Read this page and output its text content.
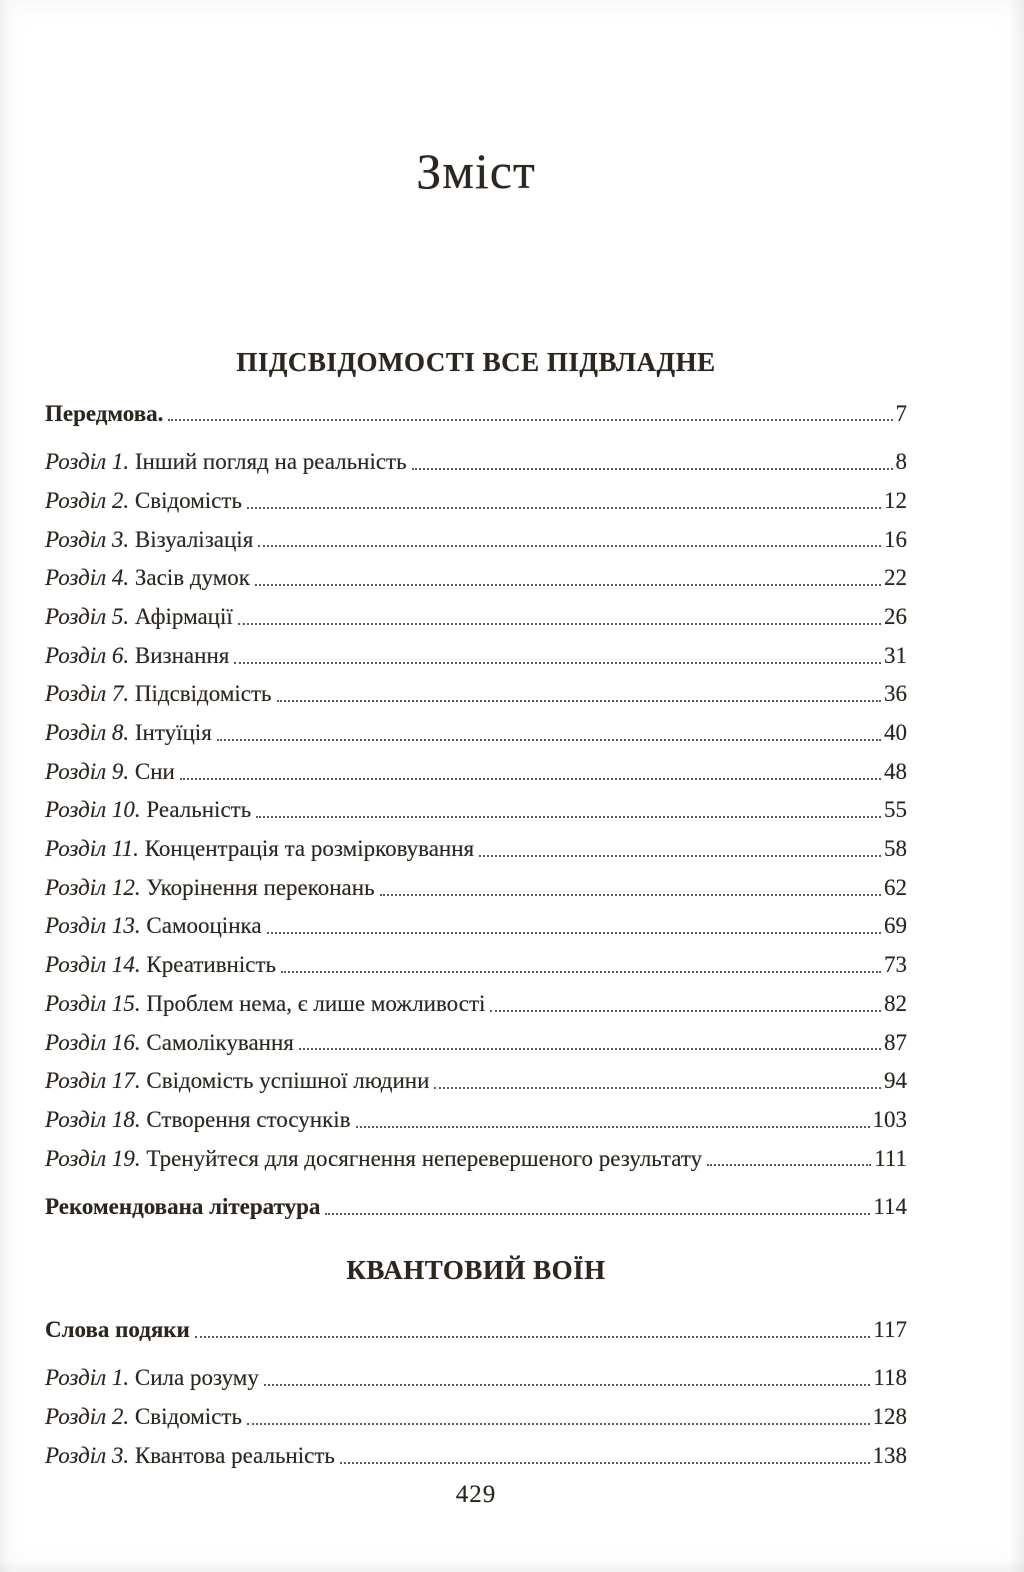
Зміст
ПІДСВІДОМОСТІ ВСЕ ПІДВЛАДНЕ
Передмова.	7
Розділ 1. Інший погляд на реальність	8
Розділ 2. Свідомість	12
Розділ 3. Візуалізація	16
Розділ 4. Засів думок	22
Розділ 5. Афірмації	26
Розділ 6. Визнання	31
Розділ 7. Підсвідомість	36
Розділ 8. Інтуїція	40
Розділ 9. Сни	48
Розділ 10. Реальність	55
Розділ 11. Концентрація та розмірковування	58
Розділ 12. Укорінення переконань	62
Розділ 13. Самооцінка	69
Розділ 14. Креативність	73
Розділ 15. Проблем нема, є лише можливості	82
Розділ 16. Самолікування	87
Розділ 17. Свідомість успішної людини	94
Розділ 18. Створення стосунків	103
Розділ 19. Тренуйтеся для досягнення неперевершеного результату	111
Рекомендована література	114
КВАНТОВИЙ ВОЇН
Слова подяки	117
Розділ 1. Сила розуму	118
Розділ 2. Свідомість	128
Розділ 3. Квантова реальність	138
429
